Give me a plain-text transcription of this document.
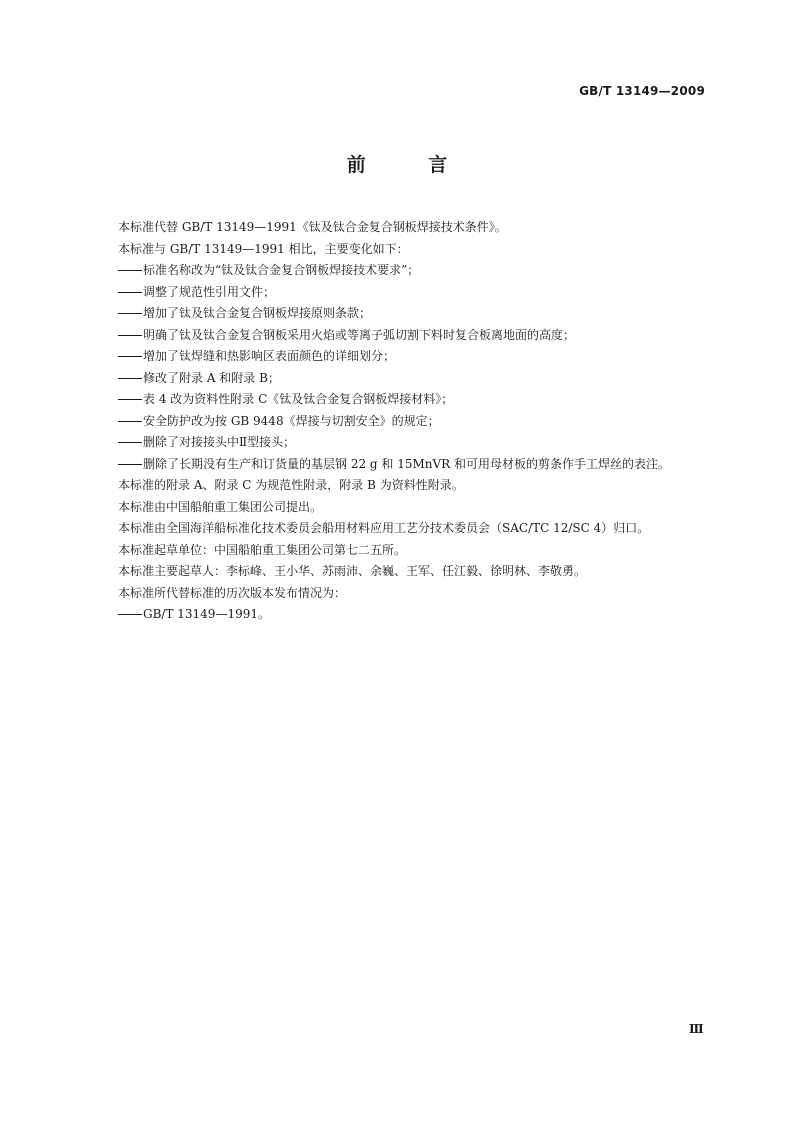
GB/T 13149—2009
前 言

本标准代替 GB/T 13149—1991《钛及钛合金复合钢板焊接技术条件》。

本标准与 GB/T 13149—1991 相比，主要变化如下：

标准名称改为“钛及钛合金复合钢板焊接技术要求”；

调整了规范性引用文件；

增加了钛及钛合金复合钢板焊接原则条款；

明确了钛及钛合金复合钢板采用火焰或等离子弧切割下料时复合板离地面的高度；

增加了钛焊缝和热影响区表面颜色的详细划分；

修改了附录 A 和附录 B；

表 4 改为资料性附录 C《钛及钛合金复合钢板焊接材料》；

安全防护改为按 GB 9448《焊接与切割安全》的规定；

删除了对接接头中Ⅱ型接头；

删除了长期没有生产和订货量的基层钢 22 g 和 15MnVR 和可用母材板的剪条作手工焊丝的表注。

本标准的附录 A、附录 C 为规范性附录，附录 B 为资料性附录。

本标准由中国船舶重工集团公司提出。

本标准由全国海洋船标准化技术委员会船用材料应用工艺分技术委员会（SAC/TC 12/SC 4）归口。

本标准起草单位：中国船舶重工集团公司第七二五所。

本标准主要起草人：李标峰、王小华、苏雨沛、余巍、王军、任江毅、徐明林、李敬勇。

本标准所代替标准的历次版本发布情况为：

GB/T 13149—1991。

Ⅲ
